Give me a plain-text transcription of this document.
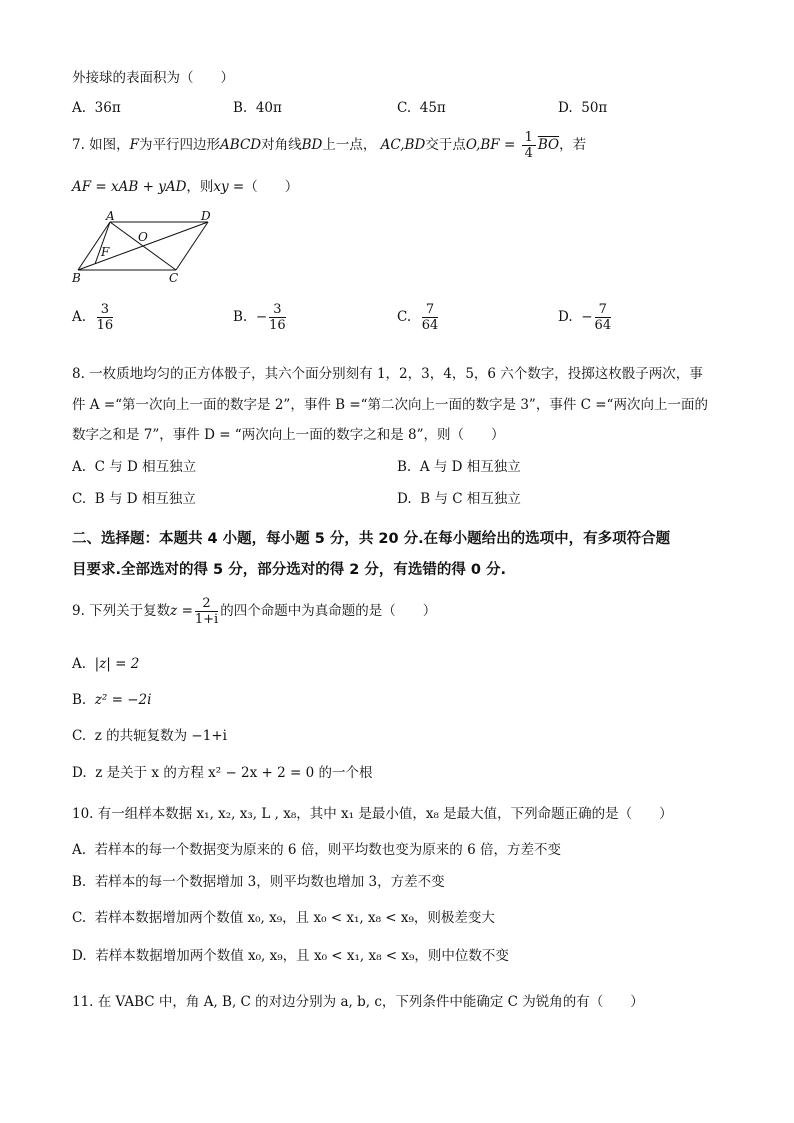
外接球的表面积为（　　）
A. 36π	B. 40π	C. 45π	D. 50π
7. 如图，F为平行四边形ABCD对角线BD上一点， AC,BD交于点$O,BF = \frac{1}{4} \overline{BO}$，若
AF = xAB + yAD，则xy =（　　）
A	D
O
F
B	C
A. $\frac{3}{16}$	B. − $\frac{3}{16}$	C. $\frac{7}{64}$	D. − $\frac{7}{64}$
8. 一枚质地均匀的正方体骰子，其六个面分别刻有 1，2，3，4，5，6 六个数字，投掷这枚骰子两次，事
件 A =“第一次向上一面的数字是 2”，事件 B =“第二次向上一面的数字是 3”，事件 C =“两次向上一面的
数字之和是 7”，事件 D = “两次向上一面的数字之和是 8”，则（　　）
A. C 与 D 相互独立	B. A 与 D 相互独立
C. B 与 D 相互独立	D. B 与 C 相互独立
二、选择题：本题共 4 小题，每小题 5 分，共 20 分.在每小题给出的选项中，有多项符合题
目要求.全部选对的得 5 分，部分选对的得 2 分，有选错的得 0 分.
9. 下列关于复数$z = \frac{2}{1+i}$ 的四个命题中为真命题的是（　　）
A. |z| = 2
B. z² = −2i
C. z 的共轭复数为 −1+i
D. z 是关于 x 的方程 x² − 2x + 2 = 0 的一个根
10. 有一组样本数据 x₁, x₂, x₃, L , x₈，其中 x₁ 是最小值，x₈ 是最大值，下列命题正确的是（　　）
A. 若样本的每一个数据变为原来的 6 倍，则平均数也变为原来的 6 倍，方差不变
B. 若样本的每一个数据增加 3，则平均数也增加 3，方差不变
C. 若样本数据增加两个数值 x₀, x₉，且 x₀ < x₁, x₈ < x₉，则极差变大
D. 若样本数据增加两个数值 x₀, x₉，且 x₀ < x₁, x₈ < x₉，则中位数不变
11. 在 VABC 中，角 A, B, C 的对边分别为 a, b, c，下列条件中能确定 C 为锐角的有（　　）
